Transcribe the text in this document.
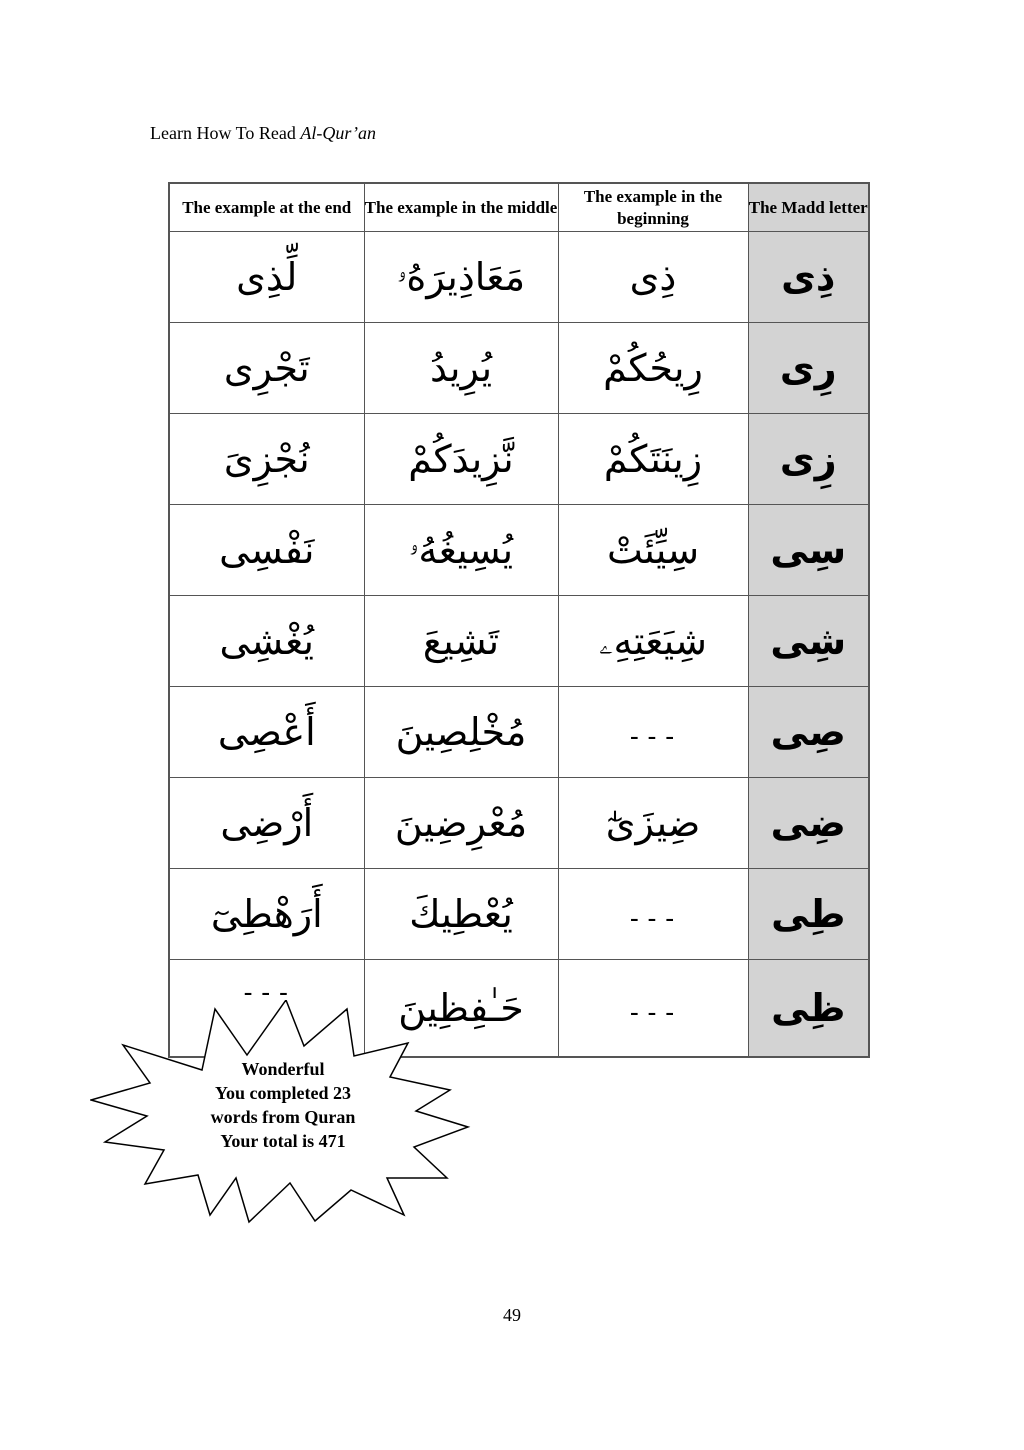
Learn How To Read Al-Qur’an
The example at the end	The example in the middle	The example in the beginning	The Madd letter
لِّذِى	مَعَاذِيرَهُۥ	ذِى	ذِى
تَجْرِى	يُرِيدُ	رِيحُكُمْ	رِى
نُجْزِىَ	نَّزِيدَكُمْ	زِينَتَكُمْ	زِى
نَفْسِى	يُسِيغُهُۥ	سِيِّئَتْ	سِى
يُغْشِى	تَشِيعَ	شِيَعَتِهِۦ	شِى
أَعْصِى	مُخْلِصِينَ	---	صِى
أَرْضِى	مُعْرِضِينَ	ضِيزَىٰٓ	ضِى
أَرَهْطِىٓ	يُعْطِيكَ	---	طِى
---	حَـٰفِظِينَ	---	ظِى
Wonderful
You completed 23
words from Quran
Your total is 471
49
